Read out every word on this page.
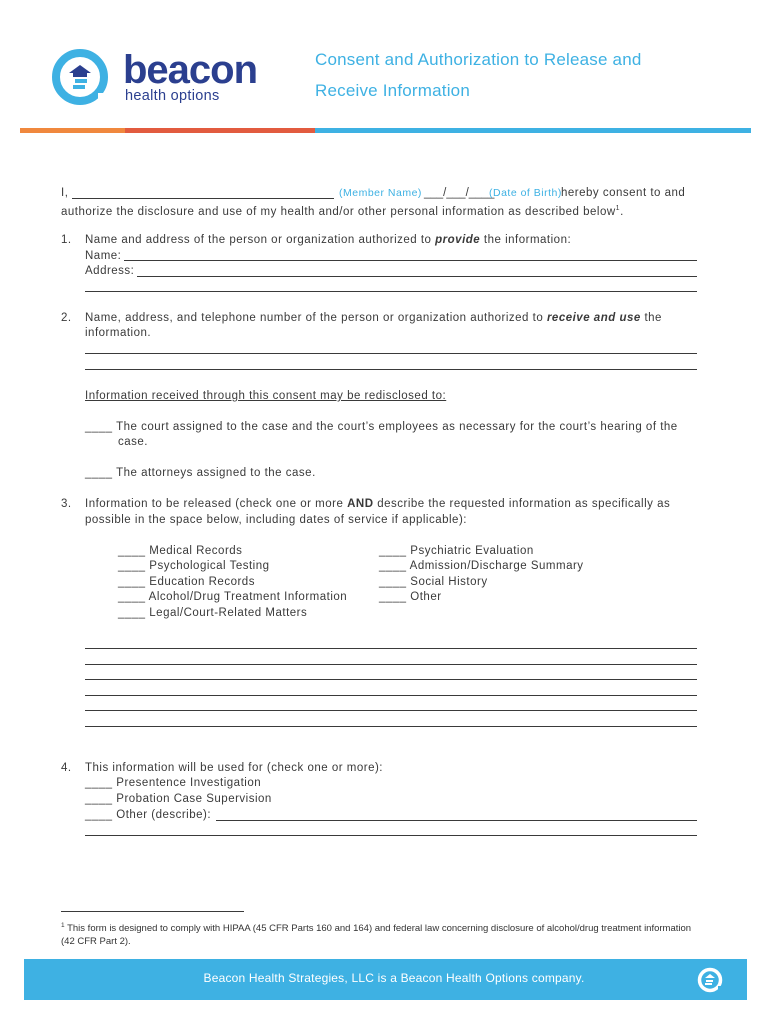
beacon
health options
Consent and Authorization to Release and
Receive Information
I,	(Member Name) ___/___/____
(Date of Birth) hereby consent to and
authorize the disclosure and use of my health and/or other personal information as described below$^1$.
1. Name and address of the person or organization authorized to provide the information:
Name:
Address:
2. Name, address, and telephone number of the person or organization authorized to receive and use the
information.
Information received through this consent may be redisclosed to:
____ The court assigned to the case and the court’s employees as necessary for the court’s hearing of the
case.
____ The attorneys assigned to the case.
3. Information to be released (check one or more AND describe the requested information as specifically as
possible in the space below, including dates of service if applicable):
____ Medical Records
____ Psychological Testing
____ Education Records
____ Alcohol/Drug Treatment Information
____ Legal/Court-Related Matters
____ Psychiatric Evaluation
____ Admission/Discharge Summary
____ Social History
____ Other
4. This information will be used for (check one or more):
____ Presentence Investigation
____ Probation Case Supervision
____ Other (describe):
$^1$ This form is designed to comply with HIPAA (45 CFR Parts 160 and 164) and federal law concerning disclosure of alcohol/drug treatment information (42 CFR Part 2).
Beacon Health Strategies, LLC is a Beacon Health Options company.
